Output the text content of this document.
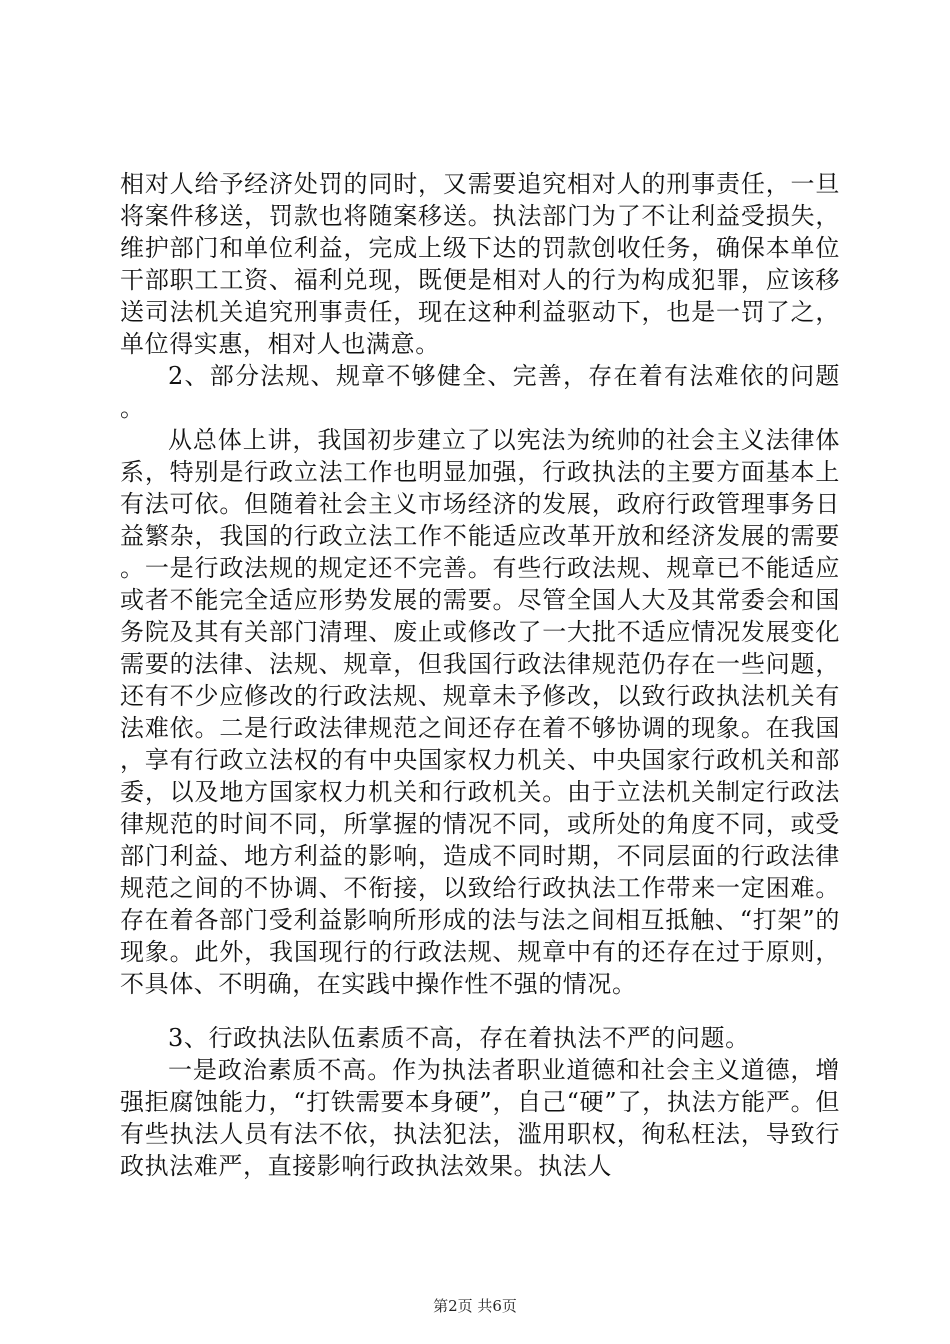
相对人给予经济处罚的同时，又需要追究相对人的刑事责任，一旦将案件移送，罚款也将随案移送。执法部门为了不让利益受损失，维护部门和单位利益，完成上级下达的罚款创收任务，确保本单位干部职工工资、福利兑现，既便是相对人的行为构成犯罪，应该移送司法机关追究刑事责任，现在这种利益驱动下，也是一罚了之，单位得实惠，相对人也满意。

2、部分法规、规章不够健全、完善，存在着有法难依的问题。

从总体上讲，我国初步建立了以宪法为统帅的社会主义法律体系，特别是行政立法工作也明显加强，行政执法的主要方面基本上有法可依。但随着社会主义市场经济的发展，政府行政管理事务日益繁杂，我国的行政立法工作不能适应改革开放和经济发展的需要。一是行政法规的规定还不完善。有些行政法规、规章已不能适应或者不能完全适应形势发展的需要。尽管全国人大及其常委会和国务院及其有关部门清理、废止或修改了一大批不适应情况发展变化需要的法律、法规、规章，但我国行政法律规范仍存在一些问题，还有不少应修改的行政法规、规章未予修改，以致行政执法机关有法难依。二是行政法律规范之间还存在着不够协调的现象。在我国，享有行政立法权的有中央国家权力机关、中央国家行政机关和部委，以及地方国家权力机关和行政机关。由于立法机关制定行政法律规范的时间不同，所掌握的情况不同，或所处的角度不同，或受部门利益、地方利益的影响，造成不同时期，不同层面的行政法律规范之间的不协调、不衔接，以致给行政执法工作带来一定困难。存在着各部门受利益影响所形成的法与法之间相互抵触、“打架”的现象。此外，我国现行的行政法规、规章中有的还存在过于原则，不具体、不明确，在实践中操作性不强的情况。

3、行政执法队伍素质不高，存在着执法不严的问题。

一是政治素质不高。作为执法者职业道德和社会主义道德，增强拒腐蚀能力，“打铁需要本身硬”，自己“硬”了，执法方能严。但有些执法人员有法不依，执法犯法，滥用职权，徇私枉法，导致行政执法难严，直接影响行政执法效果。执法人

第2页 共6页
